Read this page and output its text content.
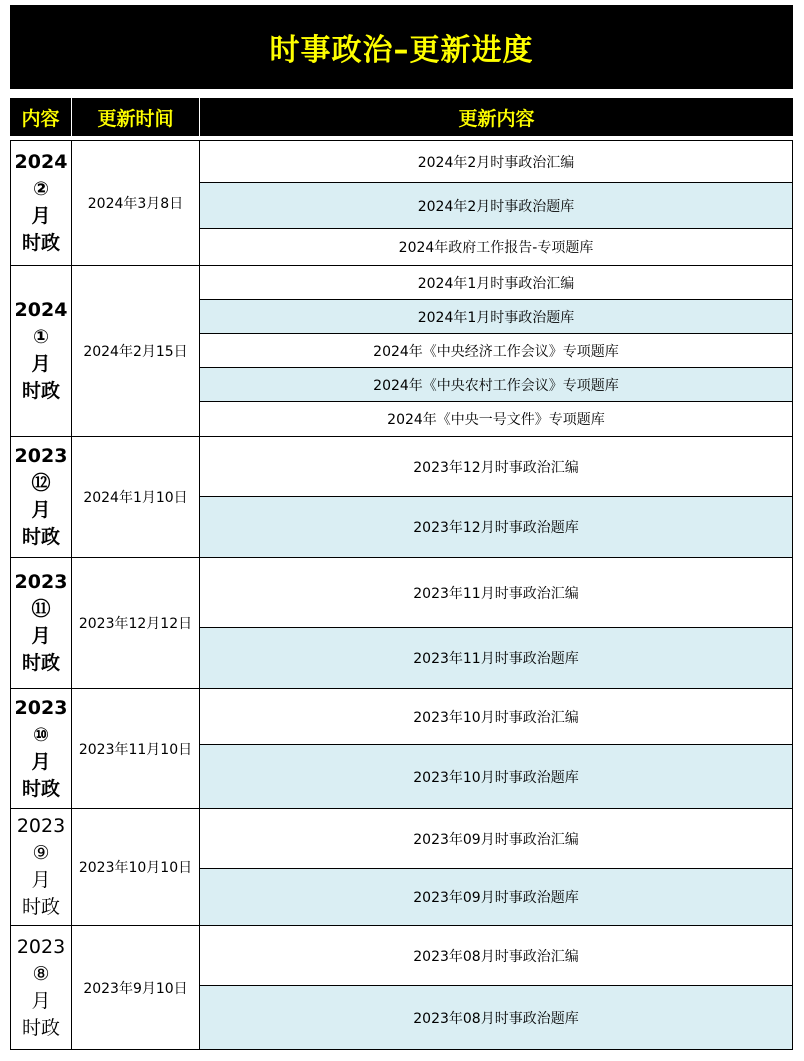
时事政治–更新进度
内容	更新时间	更新内容
2024
②
月
时政
2024年3月8日
2024年2月时事政治汇编
2024年2月时事政治题库
2024年政府工作报告-专项题库
2024
①
月
时政
2024年2月15日
2024年1月时事政治汇编
2024年1月时事政治题库
2024年《中央经济工作会议》专项题库
2024年《中央农村工作会议》专项题库
2024年《中央一号文件》专项题库
2023
⑫
月
时政
2024年1月10日
2023年12月时事政治汇编
2023年12月时事政治题库
2023
⑪
月
时政
2023年12月12日
2023年11月时事政治汇编
2023年11月时事政治题库
2023
⑩
月
时政
2023年11月10日
2023年10月时事政治汇编
2023年10月时事政治题库
2023
⑨
月
时政
2023年10月10日
2023年09月时事政治汇编
2023年09月时事政治题库
2023
⑧
月
时政
2023年9月10日
2023年08月时事政治汇编
2023年08月时事政治题库
